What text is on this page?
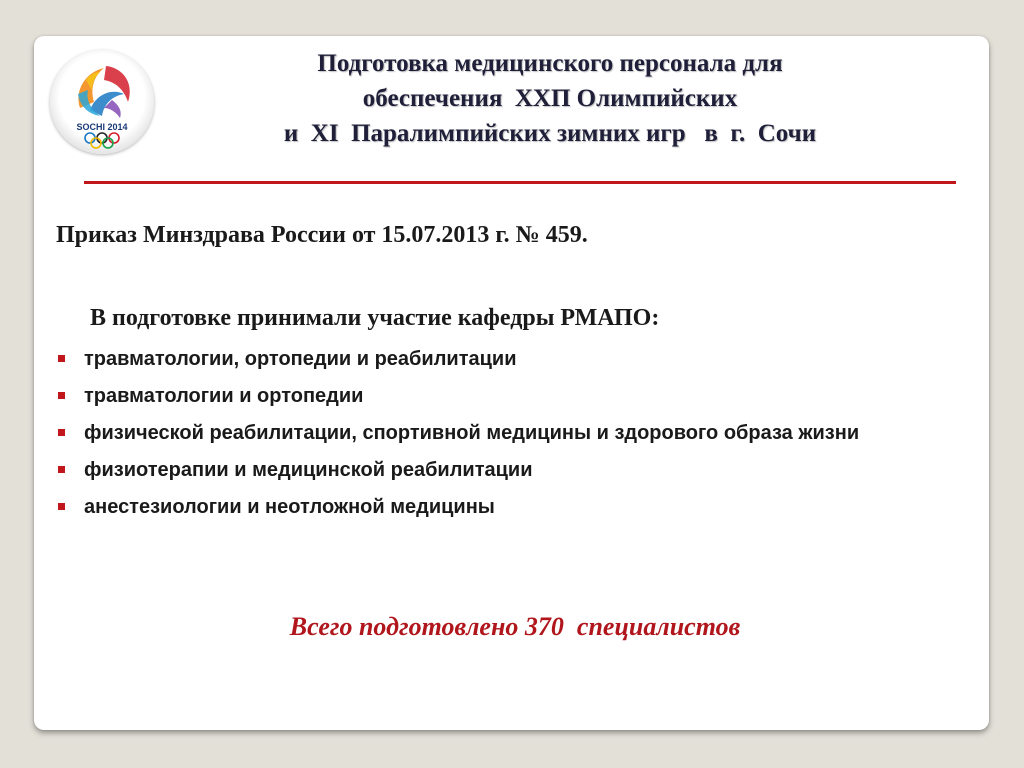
SOCHI 2014
Подготовка медицинского персонала для
обеспечения  XXП Олимпийских
и  XI  Паралимпийских зимних игр   в  г.  Сочи
Приказ Минздрава России от 15.07.2013 г. № 459.
В подготовке принимали участие кафедры РМАПО:
травматологии, ортопедии и реабилитации
травматологии и ортопедии
физической реабилитации, спортивной медицины и здорового образа жизни
физиотерапии и медицинской реабилитации
анестезиологии и неотложной медицины
Всего подготовлено 370  специалистов
